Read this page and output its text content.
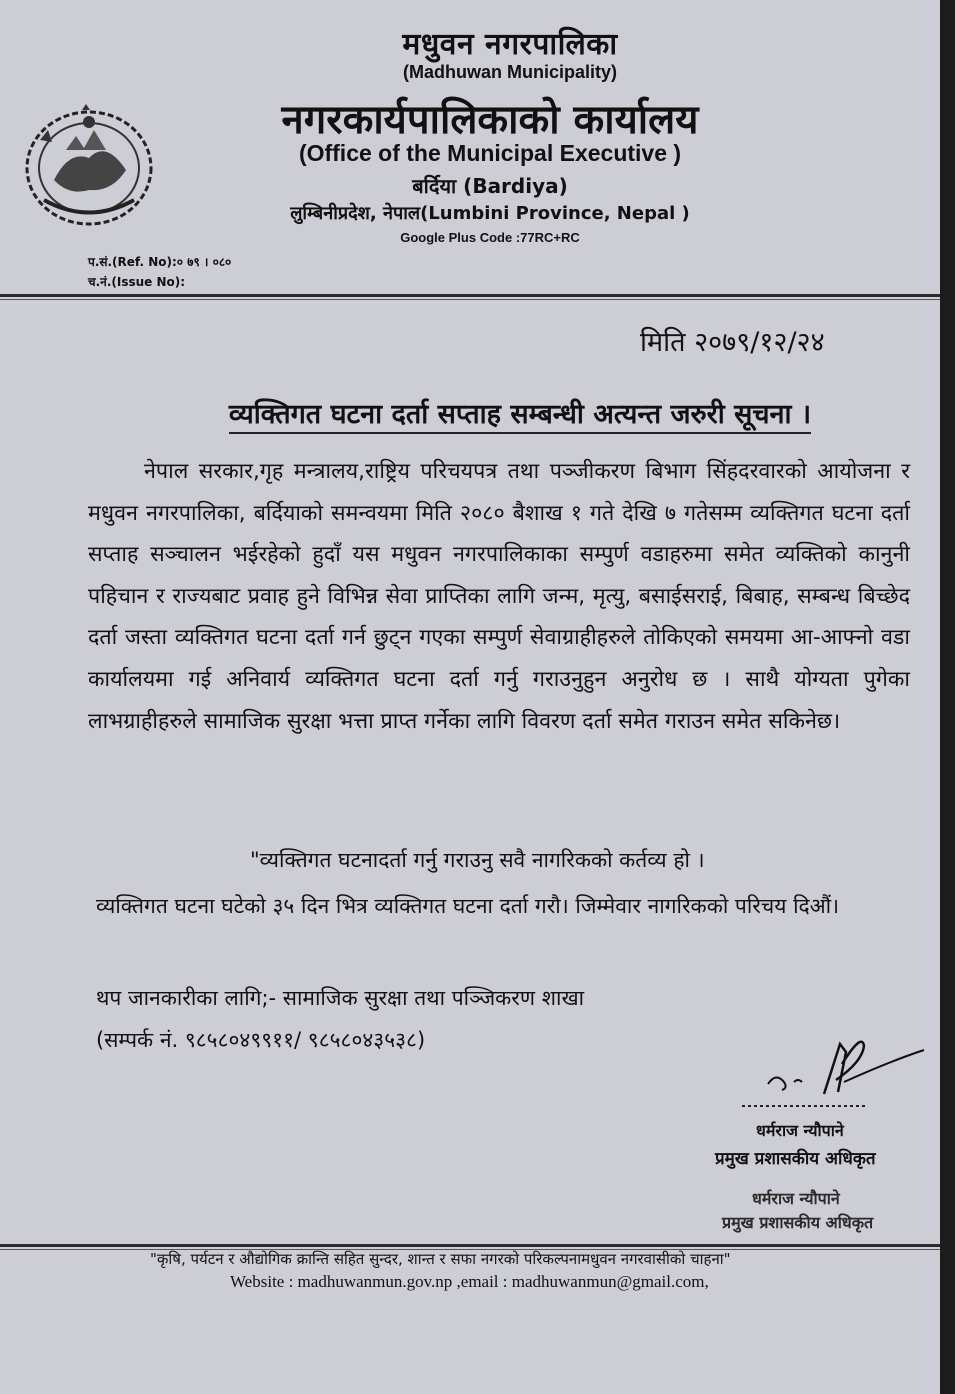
मधुवन नगरपालिका

(Madhuwan Municipality)

नगरकार्यपालिकाको कार्यालय

(Office of the Municipal Executive )

बर्दिया (Bardiya)

लुम्बिनीप्रदेश, नेपाल(Lumbini Province, Nepal )

Google Plus Code :77RC+RC

प.सं.(Ref. No):० ७९ । ०८०

च.नं.(Issue No):

मिति २०७९/१२/२४

व्यक्तिगत घटना दर्ता सप्ताह सम्बन्धी अत्यन्त जरुरी सूचना ।

नेपाल सरकार,गृह मन्त्रालय,राष्ट्रिय परिचयपत्र तथा पञ्जीकरण बिभाग सिंहदरवारको आयोजना र मधुवन नगरपालिका, बर्दियाको समन्वयमा मिति २०८० बैशाख १ गते देखि ७ गतेसम्म व्यक्तिगत घटना दर्ता सप्ताह सञ्चालन भईरहेको हुदाँ यस मधुवन नगरपालिकाका सम्पुर्ण वडाहरुमा समेत व्यक्तिको कानुनी पहिचान र राज्यबाट प्रवाह हुने विभिन्न सेवा प्राप्तिका लागि जन्म, मृत्यु, बसाईसराई, बिबाह, सम्बन्ध बिच्छेद दर्ता जस्ता व्यक्तिगत घटना दर्ता गर्न छुट्न गएका सम्पुर्ण सेवाग्राहीहरुले तोकिएको समयमा आ-आफ्नो वडा कार्यालयमा गई अनिवार्य व्यक्तिगत घटना दर्ता गर्नु गराउनुहुन अनुरोध छ । साथै योग्यता पुगेका लाभग्राहीहरुले सामाजिक सुरक्षा भत्ता प्राप्त गर्नेका लागि विवरण दर्ता समेत गराउन समेत सकिनेछ।

"व्यक्तिगत घटनादर्ता गर्नु गराउनु सवै नागरिकको कर्तव्य हो ।

व्यक्तिगत घटना घटेको ३५ दिन भित्र व्यक्तिगत घटना दर्ता गरौ। जिम्मेवार नागरिकको परिचय दिऔं।

थप जानकारीका लागि;- सामाजिक सुरक्षा तथा पञ्जिकरण शाखा

(सम्पर्क नं. ९८५८०४९९११/ ९८५८०४३५३८)

धर्मराज न्यौपाने

प्रमुख प्रशासकीय अधिकृत

धर्मराज न्यौपाने

प्रमुख प्रशासकीय अधिकृत

"कृषि, पर्यटन र औद्योगिक क्रान्ति सहित सुन्दर, शान्त र सफा नगरको परिकल्पनामधुवन नगरवासीको चाहना"

Website : madhuwanmun.gov.np ,email : madhuwanmun@gmail.com,
